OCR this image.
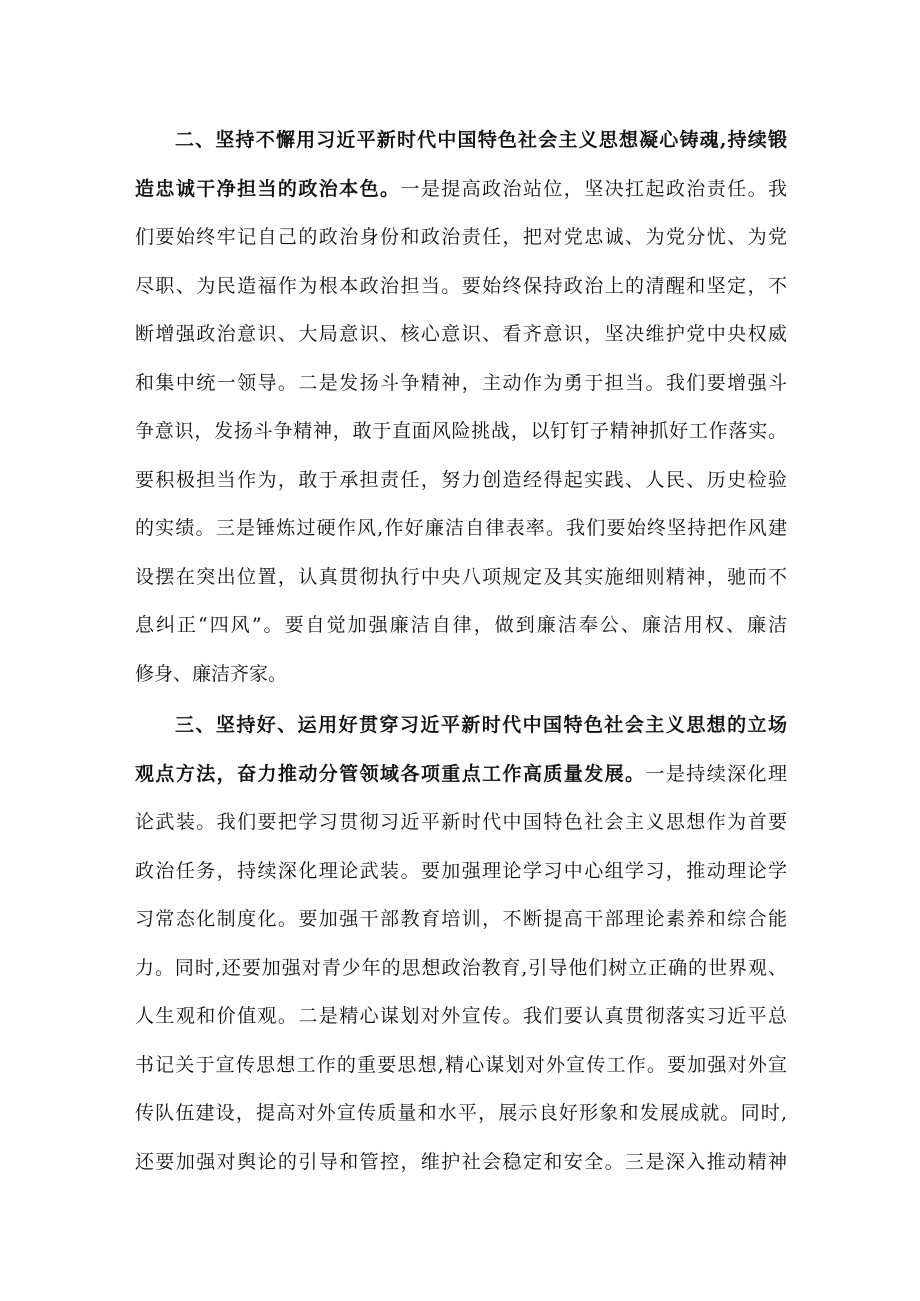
二、坚持不懈用习近平新时代中国特色社会主义思想凝心铸魂,持续锻
造忠诚干净担当的政治本色。一是提高政治站位，坚决扛起政治责任。我
们要始终牢记自己的政治身份和政治责任，把对党忠诚、为党分忧、为党
尽职、为民造福作为根本政治担当。要始终保持政治上的清醒和坚定，不
断增强政治意识、大局意识、核心意识、看齐意识，坚决维护党中央权威
和集中统一领导。二是发扬斗争精神，主动作为勇于担当。我们要增强斗
争意识，发扬斗争精神，敢于直面风险挑战，以钉钉子精神抓好工作落实。
要积极担当作为，敢于承担责任，努力创造经得起实践、人民、历史检验
的实绩。三是锤炼过硬作风,作好廉洁自律表率。我们要始终坚持把作风建
设摆在突出位置，认真贯彻执行中央八项规定及其实施细则精神，驰而不
息纠正“四风”。要自觉加强廉洁自律，做到廉洁奉公、廉洁用权、廉洁
修身、廉洁齐家。
三、坚持好、运用好贯穿习近平新时代中国特色社会主义思想的立场
观点方法，奋力推动分管领域各项重点工作高质量发展。一是持续深化理
论武装。我们要把学习贯彻习近平新时代中国特色社会主义思想作为首要
政治任务，持续深化理论武装。要加强理论学习中心组学习，推动理论学
习常态化制度化。要加强干部教育培训，不断提高干部理论素养和综合能
力。同时,还要加强对青少年的思想政治教育,引导他们树立正确的世界观、
人生观和价值观。二是精心谋划对外宣传。我们要认真贯彻落实习近平总
书记关于宣传思想工作的重要思想,精心谋划对外宣传工作。要加强对外宣
传队伍建设，提高对外宣传质量和水平，展示良好形象和发展成就。同时,
还要加强对舆论的引导和管控，维护社会稳定和安全。三是深入推动精神
